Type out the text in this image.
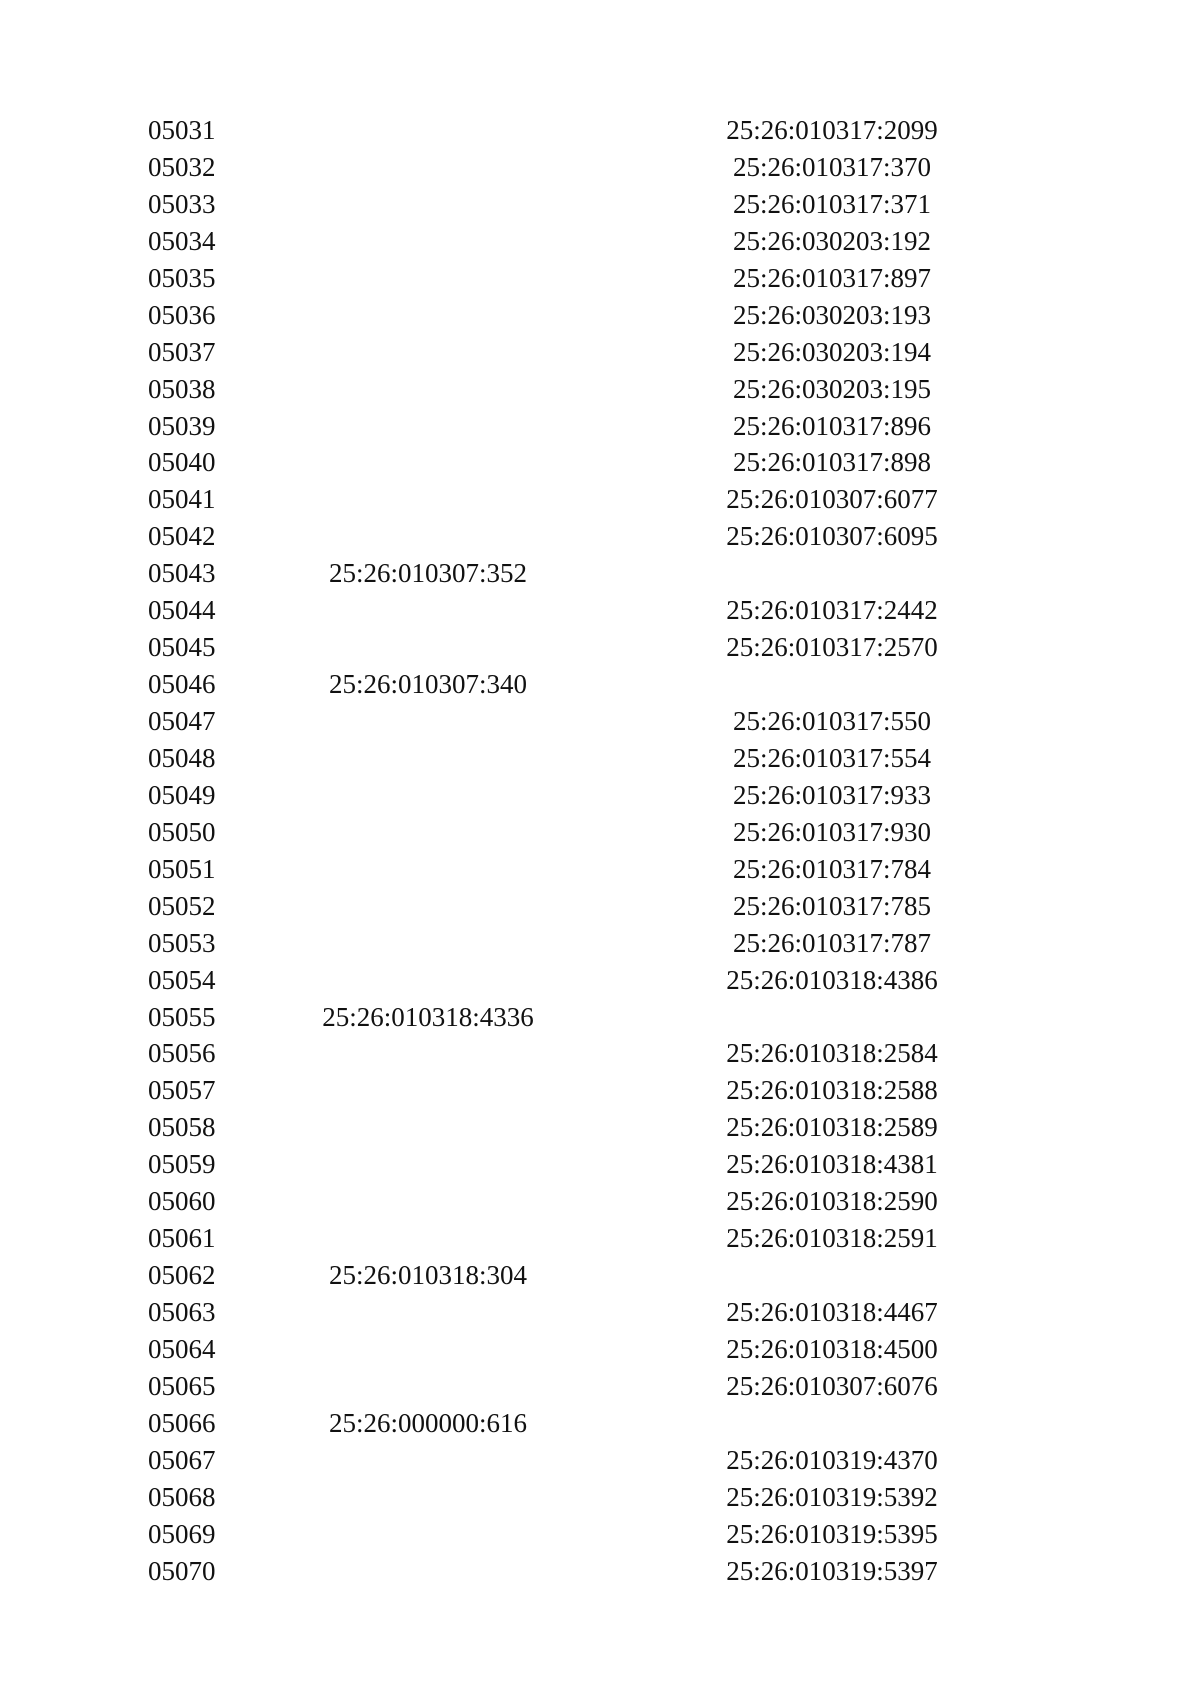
05031	25:26:010317:2099
05032	25:26:010317:370
05033	25:26:010317:371
05034	25:26:030203:192
05035	25:26:010317:897
05036	25:26:030203:193
05037	25:26:030203:194
05038	25:26:030203:195
05039	25:26:010317:896
05040	25:26:010317:898
05041	25:26:010307:6077
05042	25:26:010307:6095
05043	25:26:010307:352
05044	25:26:010317:2442
05045	25:26:010317:2570
05046	25:26:010307:340
05047	25:26:010317:550
05048	25:26:010317:554
05049	25:26:010317:933
05050	25:26:010317:930
05051	25:26:010317:784
05052	25:26:010317:785
05053	25:26:010317:787
05054	25:26:010318:4386
05055	25:26:010318:4336
05056	25:26:010318:2584
05057	25:26:010318:2588
05058	25:26:010318:2589
05059	25:26:010318:4381
05060	25:26:010318:2590
05061	25:26:010318:2591
05062	25:26:010318:304
05063	25:26:010318:4467
05064	25:26:010318:4500
05065	25:26:010307:6076
05066	25:26:000000:616
05067	25:26:010319:4370
05068	25:26:010319:5392
05069	25:26:010319:5395
05070	25:26:010319:5397
